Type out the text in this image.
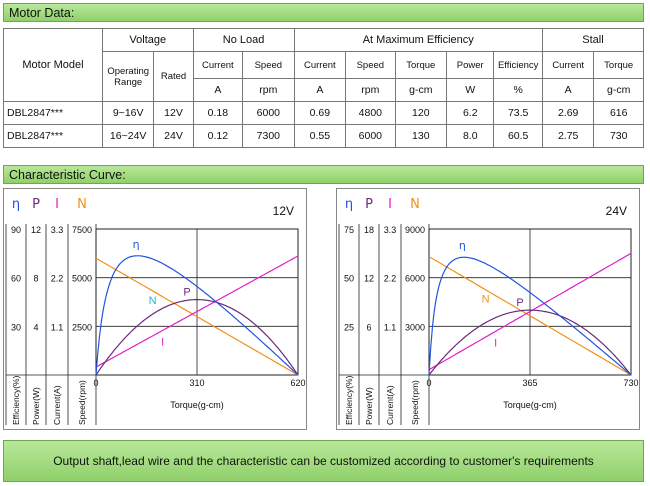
Motor Data:
Motor Model	Voltage		No Load		At Maximum Efficiency					Stall	
	Operating Range	Rated	Current	Speed	Current	Speed	Torque	Power	Efficiency	Current	Torque
			A	rpm	A	rpm	g-cm	W	%	A	g-cm
DBL2847***	9~16V	12V	0.18	6000	0.69	4800	120	6.2	73.5	2.69	616
DBL2847***	16~24V	24V	0.12	7300	0.55	6000	130	8.0	60.5	2.75	730
Characteristic Curve:
η
30
60
90
Efficiency(%)
P
4
8
12
Power(W)
I
1.1
2.2
3.3
Current(A)
N
2500
5000
7500
Speed(rpm) 0	310	620
Torque(g-cm)
12V
η
P
N
I
η
25
50
75
Efficiency(%)
P
6
12
18
Power(W)
I
1.1
2.2
3.3
Current(A)
N
3000
6000
9000
Speed(rpm) 0	365	730
Torque(g-cm)
24V
η
P
N
I
Output shaft,lead wire and the characteristic can be customized according to customer's requirements
